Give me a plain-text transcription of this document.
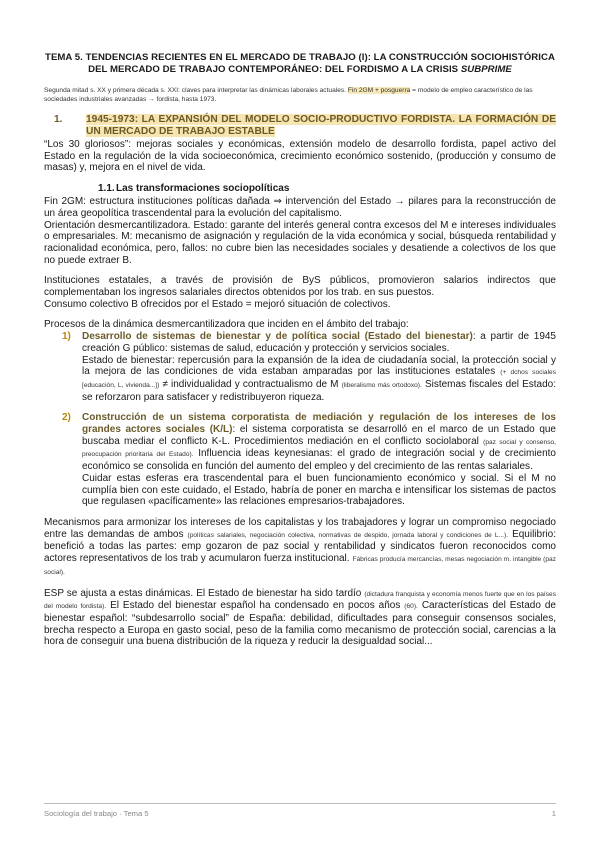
TEMA 5. TENDENCIAS RECIENTES EN EL MERCADO DE TRABAJO (I): LA CONSTRUCCIÓN SOCIOHISTÓRICA DEL MERCADO DE TRABAJO CONTEMPORÁNEO: DEL FORDISMO A LA CRISIS SUBPRIME
Segunda mitad s. XX y primera década s. XXI: claves para interpretar las dinámicas laborales actuales. Fin 2GM + posguerra = modelo de empleo característico de las sociedades industriales avanzadas → fordista, hasta 1973.
1.	1945-1973: LA EXPANSIÓN DEL MODELO SOCIO-PRODUCTIVO FORDISTA. LA FORMACIÓN DE UN MERCADO DE TRABAJO ESTABLE

“Los 30 gloriosos”: mejoras sociales y económicas, extensión modelo de desarrollo fordista, papel activo del Estado en la regulación de la vida socioeconómica, crecimiento económico sostenido, (producción y consumo de masas) y, mejora en el nivel de vida.

1.1. Las transformaciones sociopolíticas

Fin 2GM: estructura instituciones políticas dañada ⇒ intervención del Estado → pilares para la reconstrucción de un área geopolítica trascendental para la evolución del capitalismo.

Orientación desmercantilizadora. Estado: garante del interés general contra excesos del M e intereses individuales o empresariales. M: mecanismo de asignación y regulación de la vida económica y social, búsqueda rentabilidad y racionalidad económica, pero, fallos: no cubre bien las necesidades sociales y desatiende a colectivos de los que no puede extraer B.

Instituciones estatales, a través de provisión de ByS públicos, promovieron salarios indirectos que complementaban los ingresos salariales directos obtenidos por los trab. en sus puestos.

Consumo colectivo B ofrecidos por el Estado = mejoró situación de colectivos.

Procesos de la dinámica desmercantilizadora que inciden en el ámbito del trabajo:

1)	Desarrollo de sistemas de bienestar y de política social (Estado del bienestar): a partir de 1945 creación G público: sistemas de salud, educación y protección y servicios sociales.

Estado de bienestar: repercusión para la expansión de la idea de ciudadanía social, la protección social y la mejora de las condiciones de vida estaban amparadas por las instituciones estatales (+ dchos sociales [educación, L, vivienda...]) ≠ individualidad y contractualismo de M (liberalismo más ortodoxo). Sistemas fiscales del Estado: se reforzaron para satisfacer y redistribuyeron riqueza.

2)	Construcción de un sistema corporatista de mediación y regulación de los intereses de los grandes actores sociales (K/L): el sistema corporatista se desarrolló en el marco de un Estado que buscaba mediar el conflicto K-L. Procedimientos mediación en el conflicto sociolaboral (paz social y consenso, preocupación prioritaria del Estado). Influencia ideas keynesianas: el grado de integración social y de crecimiento económico se consolida en función del aumento del empleo y del crecimiento de las rentas salariales.

Cuidar estas esferas era trascendental para el buen funcionamiento económico y social. Si el M no cumplía bien con este cuidado, el Estado, habría de poner en marcha e intensificar los sistemas de pactos que regulasen «pacíficamente» las relaciones empresarios-trabajadores.

Mecanismos para armonizar los intereses de los capitalistas y los trabajadores y lograr un compromiso negociado entre las demandas de ambos (políticas salariales, negociación colectiva, normativas de despido, jornada laboral y condiciones de L...). Equilibrio: benefició a todas las partes: emp gozaron de paz social y rentabilidad y sindicatos fueron reconocidos como actores representativos de los trab y acumularon fuerza institucional. Fábricas producía mercancías, mesas negociación m. intangible (paz social).

ESP se ajusta a estas dinámicas. El Estado de bienestar ha sido tardío (dictadura franquista y economía menos fuerte que en los países del modelo fordista). El Estado del bienestar español ha condensado en pocos años (60). Características del Estado de bienestar español: “subdesarrollo social” de España: debilidad, dificultades para conseguir consensos sociales, brecha respecto a Europa en gasto social, peso de la familia como mecanismo de protección social, carencias a la hora de conseguir una buena distribución de la riqueza y reducir la desigualdad social...

Sociología del trabajo · Tema 5	1
